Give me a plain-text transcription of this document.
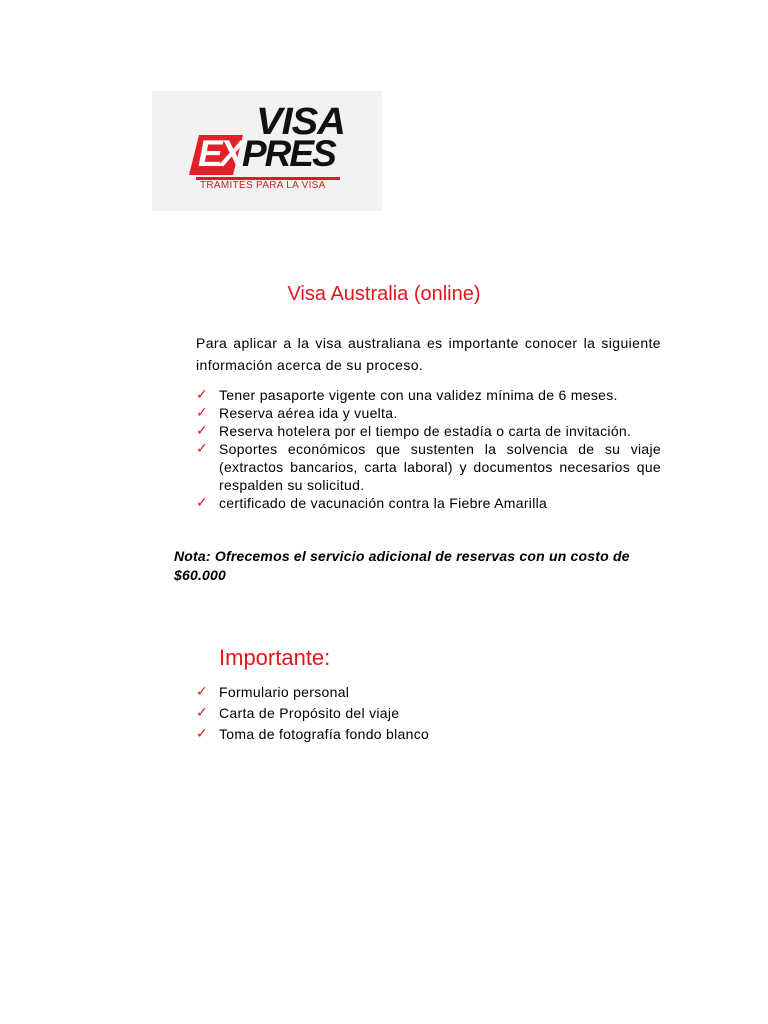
VISA
EX PRES
TRAMITES PARA LA VISA
Visa Australia (online)

Para aplicar a la visa australiana es importante conocer la siguiente información acerca de su proceso.

✓ Tener pasaporte vigente con una validez mínima de 6 meses.
✓ Reserva aérea ida y vuelta.
✓ Reserva hotelera por el tiempo de estadía o carta de invitación.
✓ Soportes económicos que sustenten la solvencia de su viaje (extractos bancarios, carta laboral) y documentos necesarios que respalden su solicitud.
✓ certificado de vacunación contra la Fiebre Amarilla

Nota: Ofrecemos el servicio adicional de reservas con un costo de $60.000

Importante:
✓ Formulario personal
✓ Carta de Propósito del viaje
✓ Toma de fotografía fondo blanco
